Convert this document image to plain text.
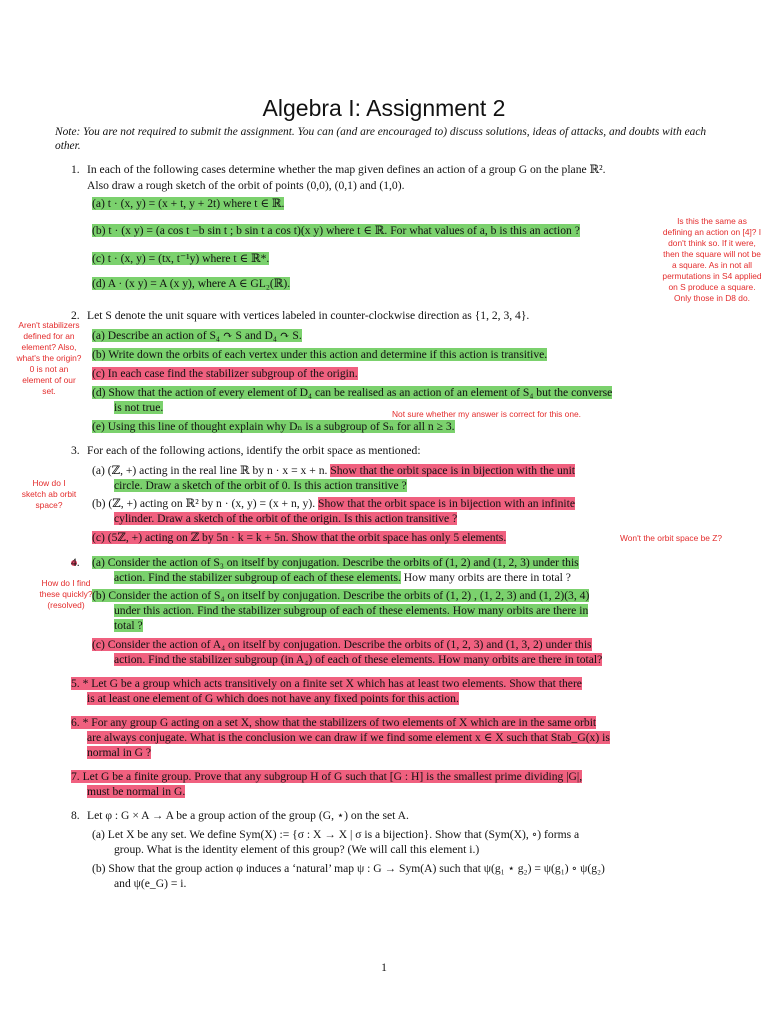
Algebra I: Assignment 2
Note: You are not required to submit the assignment. You can (and are encouraged to) discuss solutions, ideas of attacks, and doubts with each other.
1. In each of the following cases determine whether the map given defines an action of a group G on the plane ℝ².
Also draw a rough sketch of the orbit of points (0,0), (0,1) and (1,0).
(a) t · (x, y) = (x + t, y + 2t) where t ∈ ℝ.
(b) t · (x y) = (a cos t −b sin t ; b sin t a cos t)(x y) where t ∈ ℝ. For what values of a, b is this an action ?
(c) t · (x, y) = (tx, t⁻¹y) where t ∈ ℝ*.
(d) A · (x y) = A (x y), where A ∈ GL₂(ℝ).
2. Let S denote the unit square with vertices labeled in counter-clockwise direction as {1, 2, 3, 4}.
(a) Describe an action of S₄ ↷ S and D₄ ↷ S.
(b) Write down the orbits of each vertex under this action and determine if this action is transitive.
(c) In each case find the stabilizer subgroup of the origin.
(d) Show that the action of every element of D₄ can be realised as an action of an element of S₄ but the converse
is not true.
(e) Using this line of thought explain why Dₙ is a subgroup of Sₙ for all n ≥ 3.
3. For each of the following actions, identify the orbit space as mentioned:
(a) (ℤ, +) acting in the real line ℝ by n · x = x + n. Show that the orbit space is in bijection with the unit
circle. Draw a sketch of the orbit of 0. Is this action transitive ?
(b) (ℤ, +) acting on ℝ² by n · (x, y) = (x + n, y). Show that the orbit space is in bijection with an infinite
cylinder. Draw a sketch of the orbit of the origin. Is this action transitive ?
(c) (5ℤ, +) acting on ℤ by 5n · k = k + 5n. Show that the orbit space has only 5 elements.
4. (a) Consider the action of S₃ on itself by conjugation. Describe the orbits of (1, 2) and (1, 2, 3) under this
action. Find the stabilizer subgroup of each of these elements. How many orbits are there in total ?
(b) Consider the action of S₄ on itself by conjugation. Describe the orbits of (1, 2) , (1, 2, 3) and (1, 2)(3, 4)
under this action. Find the stabilizer subgroup of each of these elements. How many orbits are there in
total ?
(c) Consider the action of A₄ on itself by conjugation. Describe the orbits of (1, 2, 3) and (1, 3, 2) under this
action. Find the stabilizer subgroup (in A₄) of each of these elements. How many orbits are there in total?
5. * Let G be a group which acts transitively on a finite set X which has at least two elements. Show that there
is at least one element of G which does not have any fixed points for this action.
6. * For any group G acting on a set X, show that the stabilizers of two elements of X which are in the same orbit
are always conjugate. What is the conclusion we can draw if we find some element x ∈ X such that Stab_G(x) is
normal in G ?
7. Let G be a finite group. Prove that any subgroup H of G such that [G : H] is the smallest prime dividing |G|,
must be normal in G.
8. Let φ : G × A → A be a group action of the group (G, ⋆) on the set A.
(a) Let X be any set. We define Sym(X) := {σ : X → X | σ is a bijection}. Show that (Sym(X), ∘) forms a
group. What is the identity element of this group? (We will call this element i.)
(b) Show that the group action φ induces a ‘natural’ map ψ : G → Sym(A) such that ψ(g₁ ⋆ g₂) = ψ(g₁) ∘ ψ(g₂)
and ψ(e_G) = i.
Is this the same as defining an action on [4]? I don't think so. If it were, then the square will not be a square. As in not all permutations in S4 applied on S produce a square. Only those in D8 do.
Aren't stabilizers defined for an element? Also, what's the origin? 0 is not an element of our set.
Not sure whether my answer is correct for this one.
How do I sketch ab orbit space?
Won't the orbit space be Z?
How do I find these quickly? (resolved)
1
